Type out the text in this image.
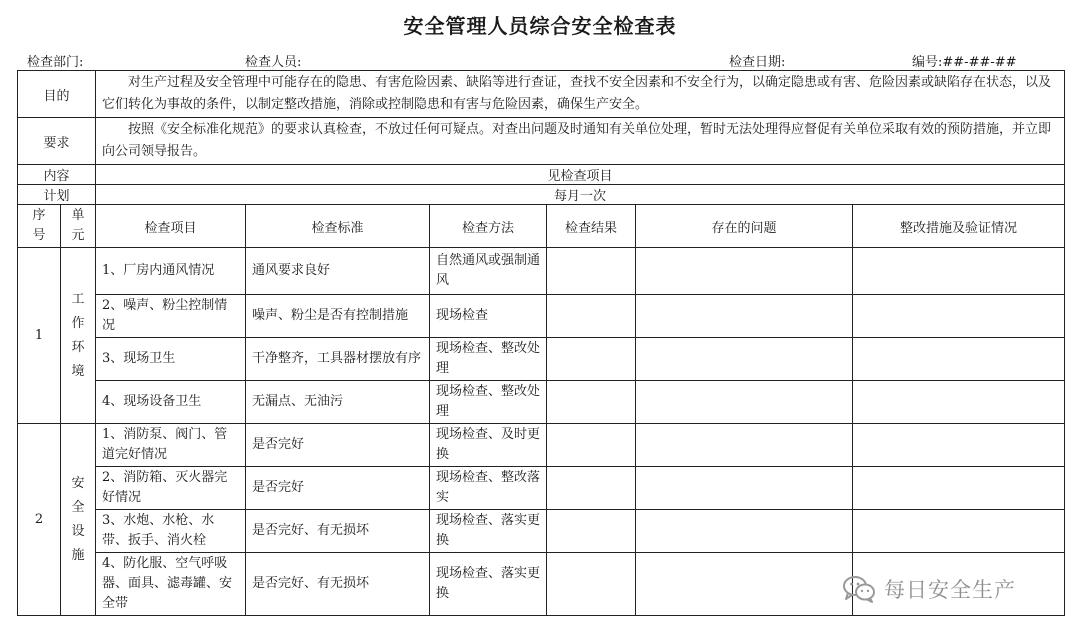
安全管理人员综合安全检查表
检查部门:	检查人员:	检查日期:	编号:##-##-##
目的		对生产过程及安全管理中可能存在的隐患、有害危险因素、缺陷等进行查证，查找不安全因素和不安全行为，以确定隐患或有害、危险因素或缺陷存在状态，以及它们转化为事故的条件，以制定整改措施，消除或控制隐患和有害与危险因素，确保生产安全。					
要求		按照《安全标准化规范》的要求认真检查，不放过任何可疑点。对查出问题及时通知有关单位处理，暂时无法处理得应督促有关单位采取有效的预防措施，并立即向公司领导报告。					
内容		见检查项目					
计划		每月一次					
序号	单元	检查项目	检查标准	检查方法	检查结果	存在的问题	整改措施及验证情况
1	工作环境	1、厂房内通风情况	通风要求良好	自然通风或强制通风			
		2、噪声、粉尘控制情况	噪声、粉尘是否有控制措施	现场检查			
		3、现场卫生	干净整齐，工具器材摆放有序	现场检查、整改处理			
		4、现场设备卫生	无漏点、无油污	现场检查、整改处理			
2	安全设施	1、消防泵、阀门、管道完好情况	是否完好	现场检查、及时更换			
		2、消防箱、灭火器完好情况	是否完好	现场检查、整改落实			
		3、水炮、水枪、水带、扳手、消火栓	是否完好、有无损坏	现场检查、落实更换			
		4、防化服、空气呼吸器、面具、滤毒罐、安全带	是否完好、有无损坏	现场检查、落实更换				每日安全生产
